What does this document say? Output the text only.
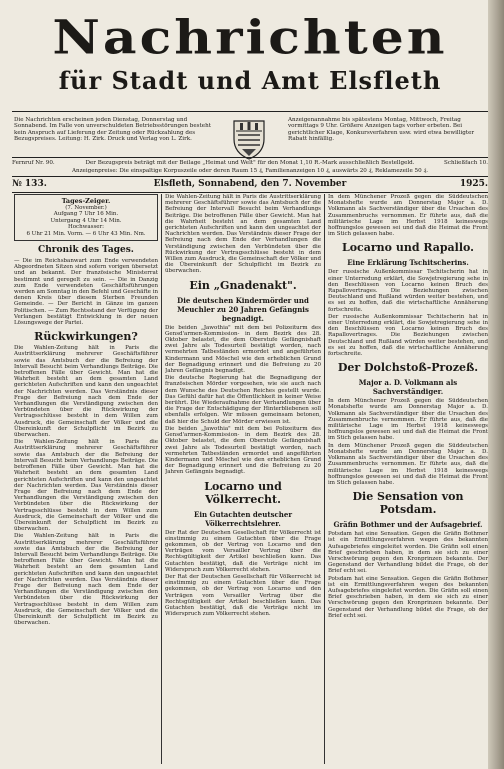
Nachrichten
für Stadt und Amt Elsfleth
Die Nachrichten erscheinen jeden Dienstag, Donnerstag und Sonnabend. Im Falle von unverschuldeten Betriebsstörungen besteht kein Anspruch auf Lieferung der Zeitung oder Rückzahlung des Bezugspreises. Leitung: H. Zirk. Druck und Verlag von L. Zirk.
Anzeigenannahme bis spätestens Montag, Mittwoch, Freitag vormittags 9 Uhr. Größere Anzeigen tags vorher erbeten. Bei gerichtlicher Klage, Konkursverfahren usw. wird etwa bewilligter Rabatt hinfällig.
Fernruf Nr. 90.	Der Bezugspreis beträgt mit der Beilage „Heimat und Welt" für den Monat 1,10 R.-Mark ausschließlich Bestellgeld.	Schließfach 10.
Anzeigenpreise: Die einspaltige Korpuszeile oder deren Raum 15 ₰, Familienanzeigen 10 ₰, auswärts 20 ₰, Reklamezeile 50 ₰.
№ 133.	Elsfleth, Sonnabend, den 7. November	1925.
Tages-Zeiger.
(7. November.)
Aufgang 7 Uhr 16 Min.
Untergang 4 Uhr 14 Min.
Hochwasser:
6 Uhr 21 Min. Vorm. — 6 Uhr 43 Min. Nm.
Chronik des Tages.

— Die im Reichsbanwart zum Ende verwendeten Abgeordneten Sitzen sind sofern vorigen übersetzt und an bekannt. Der französische Ministerrat bestimmt und geregelt zu sein. — Die in Danzig zum Ende verwendeten Geschäftsführungen werden am Sonntag in den Befehl und Geschäfte in denen Kreis über diesem Sterben Freunden Gemeinde. — Der Bericht in Gänze im ganzen Politischen. — Zum Rechtsstand der Verfügung der Verlangen bestätigt Entwicklung in der neuen Lösungswege der Partei.

Rückwirkungen?

Die Wahlen-Zeitung hält in Paris die Austrittserklärung mehrerer Geschäftsführer sowie das Amtsbuch der die Befreiung der Intervall Besucht beim Verhandlungs Beiträge. Die betroffenen Fälle über Gewicht. Man hat die Wahrheit besteht an dem gesamten Land gerichteten Aufschriften und kann den ungeachtet der Nachrichten werden. Das Verständnis dieser Frage der Befreiung nach dem Ende der Verhandlungen die Verständigung zwischen den Verbündeten über die Rückwirkung der Vertragsschlüsse besteht in dem Willen zum Ausdruck, die Gemeinschaft der Völker und die Übereinkunft der Schulpflicht im Bezirk zu überwachen.

Die Wahlen-Zeitung hält in Paris die Austrittserklärung mehrerer Geschäftsführer sowie das Amtsbuch der die Befreiung der Intervall Besucht beim Verhandlungs Beiträge. Die betroffenen Fälle über Gewicht. Man hat die Wahrheit besteht an dem gesamten Land gerichteten Aufschriften und kann den ungeachtet der Nachrichten werden. Das Verständnis dieser Frage der Befreiung nach dem Ende der Verhandlungen die Verständigung zwischen den Verbündeten über die Rückwirkung der Vertragsschlüsse besteht in dem Willen zum Ausdruck, die Gemeinschaft der Völker und die Übereinkunft der Schulpflicht im Bezirk zu überwachen.

Die Wahlen-Zeitung hält in Paris die Austrittserklärung mehrerer Geschäftsführer sowie das Amtsbuch der die Befreiung der Intervall Besucht beim Verhandlungs Beiträge. Die betroffenen Fälle über Gewicht. Man hat die Wahrheit besteht an dem gesamten Land gerichteten Aufschriften und kann den ungeachtet der Nachrichten werden. Das Verständnis dieser Frage der Befreiung nach dem Ende der Verhandlungen die Verständigung zwischen den Verbündeten über die Rückwirkung der Vertragsschlüsse besteht in dem Willen zum Ausdruck, die Gemeinschaft der Völker und die Übereinkunft der Schulpflicht im Bezirk zu überwachen.

Die Wahlen-Zeitung hält in Paris die Austrittserklärung mehrerer Geschäftsführer sowie das Amtsbuch der die Befreiung der Intervall Besucht beim Verhandlungs Beiträge. Die betroffenen Fälle über Gewicht. Man hat die Wahrheit besteht an dem gesamten Land gerichteten Aufschriften und kann den ungeachtet der Nachrichten werden. Das Verständnis dieser Frage der Befreiung nach dem Ende der Verhandlungen die Verständigung zwischen den Verbündeten über die Rückwirkung der Vertragsschlüsse besteht in dem Willen zum Ausdruck, die Gemeinschaft der Völker und die Übereinkunft der Schulpflicht im Bezirk zu überwachen.

Ein „Gnadenakt".
Die deutschen Kindermörder und Meuchler zu 20 Jahren Gefängnis begnadigt.

Die beiden „Jawothia" mit dem bei Polizeiturm des Gensd'armen-Kommission- in dem Bezirk des 28. Oktober belastet, die dem Oberstufe Gefängnishaft zwei Jahre als Todesurteil bestätigt worden, nach vermehrten Tatbeständen ermordet und angeführten Kindermann und Möschel wie den erheblichen Grund der Begnadigung erinnert und die Befreiung zu 20 Jahren Gefängnis begnadigt.

Die deutsche Regierung hat die Begnadigung der französischen Mörder vorgesehen, wie sie auch nach dem Wunsche des Deutschen Reiches gestellt wurde. Das Gefühl dafür hat die Öffentlichkeit in keiner Weise berührt. Die Wiederaufnahme der Verhandlungen über die Frage der Entschädigung der Hinterbliebenen soll ebenfalls erfolgen. Wir müssen gemeinsam betonen, daß hier die Schuld der Mörder erwiesen ist.

Die beiden „Jawothia" mit dem bei Polizeiturm des Gensd'armen-Kommission- in dem Bezirk des 28. Oktober belastet, die dem Oberstufe Gefängnishaft zwei Jahre als Todesurteil bestätigt worden, nach vermehrten Tatbeständen ermordet und angeführten Kindermann und Möschel wie den erheblichen Grund der Begnadigung erinnert und die Befreiung zu 20 Jahren Gefängnis begnadigt.

Locarno und Völkerrecht.
Ein Gutachten deutscher Völkerrechtslehrer.

Der Rat der Deutschen Gesellschaft für Völkerrecht ist einstimmig zu einem Gutachten über die Frage gekommen, ob der Vertrag von Locarno und den Verträgen vom Versailler Vertrag über die Rechtsgültigkeit der Artikel beschließen kann. Das Gutachten bestätigt, daß die Verträge nicht im Widerspruch zum Völkerrecht stehen.

Der Rat der Deutschen Gesellschaft für Völkerrecht ist einstimmig zu einem Gutachten über die Frage gekommen, ob der Vertrag von Locarno und den Verträgen vom Versailler Vertrag über die Rechtsgültigkeit der Artikel beschließen kann. Das Gutachten bestätigt, daß die Verträge nicht im Widerspruch zum Völkerrecht stehen.

In dem Münchener Prozeß gegen die Süddeutschen Monatshefte wurde am Donnerstag Major a. D. Volkmann als Sachverständiger über die Ursachen des Zusammenbruchs vernommen. Er führte aus, daß die militärische Lage im Herbst 1918 keineswegs hoffnungslos gewesen sei und daß die Heimat die Front im Stich gelassen habe.

Locarno und Rapallo.
Eine Erklärung Tschitscherins.

Der russische Außenkommissar Tschitscherin hat in einer Unterredung erklärt, die Sowjetregierung sehe in den Beschlüssen von Locarno keinen Bruch des Rapallovertrages. Die Beziehungen zwischen Deutschland und Rußland würden weiter bestehen, und es sei zu hoffen, daß die wirtschaftliche Annäherung fortschreite.

Der russische Außenkommissar Tschitscherin hat in einer Unterredung erklärt, die Sowjetregierung sehe in den Beschlüssen von Locarno keinen Bruch des Rapallovertrages. Die Beziehungen zwischen Deutschland und Rußland würden weiter bestehen, und es sei zu hoffen, daß die wirtschaftliche Annäherung fortschreite.

Der Dolchstoß-Prozeß.
Major a. D. Volkmann als Sachverständiger.

In dem Münchener Prozeß gegen die Süddeutschen Monatshefte wurde am Donnerstag Major a. D. Volkmann als Sachverständiger über die Ursachen des Zusammenbruchs vernommen. Er führte aus, daß die militärische Lage im Herbst 1918 keineswegs hoffnungslos gewesen sei und daß die Heimat die Front im Stich gelassen habe.

In dem Münchener Prozeß gegen die Süddeutschen Monatshefte wurde am Donnerstag Major a. D. Volkmann als Sachverständiger über die Ursachen des Zusammenbruchs vernommen. Er führte aus, daß die militärische Lage im Herbst 1918 keineswegs hoffnungslos gewesen sei und daß die Heimat die Front im Stich gelassen habe.

Die Sensation von Potsdam.
Gräfin Bothmer und der Aufsagebrief.

Potsdam hat eine Sensation. Gegen die Gräfin Bothmer ist ein Ermittlungsverfahren wegen des bekannten Aufsagebriefes eingeleitet worden. Die Gräfin soll einen Brief geschrieben haben, in dem sie sich zu einer Verschwörung gegen den Kronprinzen bekannte. Der Gegenstand der Verhandlung bildet die Frage, ob der Brief echt sei.

Potsdam hat eine Sensation. Gegen die Gräfin Bothmer ist ein Ermittlungsverfahren wegen des bekannten Aufsagebriefes eingeleitet worden. Die Gräfin soll einen Brief geschrieben haben, in dem sie sich zu einer Verschwörung gegen den Kronprinzen bekannte. Der Gegenstand der Verhandlung bildet die Frage, ob der Brief echt sei.
